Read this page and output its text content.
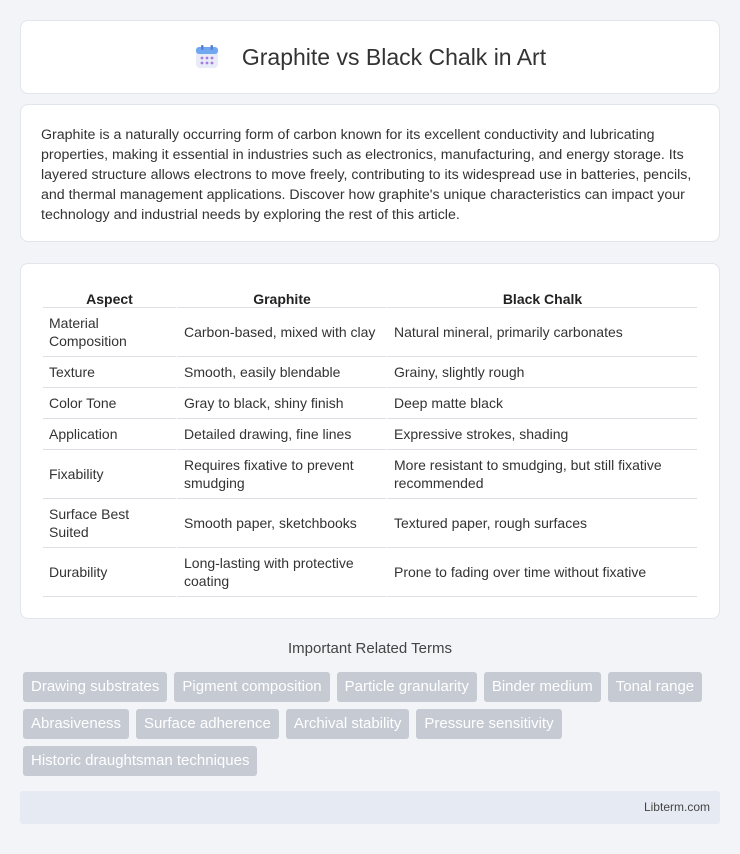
Graphite vs Black Chalk in Art

Graphite is a naturally occurring form of carbon known for its excellent conductivity and lubricating properties, making it essential in industries such as electronics, manufacturing, and energy storage. Its layered structure allows electrons to move freely, contributing to its widespread use in batteries, pencils, and thermal management applications. Discover how graphite's unique characteristics can impact your technology and industrial needs by exploring the rest of this article.

Aspect	Graphite	Black Chalk
Material Composition	Carbon-based, mixed with clay	Natural mineral, primarily carbonates
Texture	Smooth, easily blendable	Grainy, slightly rough
Color Tone	Gray to black, shiny finish	Deep matte black
Application	Detailed drawing, fine lines	Expressive strokes, shading
Fixability	Requires fixative to prevent smudging	More resistant to smudging, but still fixative recommended
Surface Best Suited	Smooth paper, sketchbooks	Textured paper, rough surfaces
Durability	Long-lasting with protective coating	Prone to fading over time without fixative
Important Related Terms
Drawing substrates	Pigment composition	Particle granularity	Binder medium	Tonal range
Abrasiveness	Surface adherence	Archival stability	Pressure sensitivity
Historic draughtsman techniques
Libterm.com
